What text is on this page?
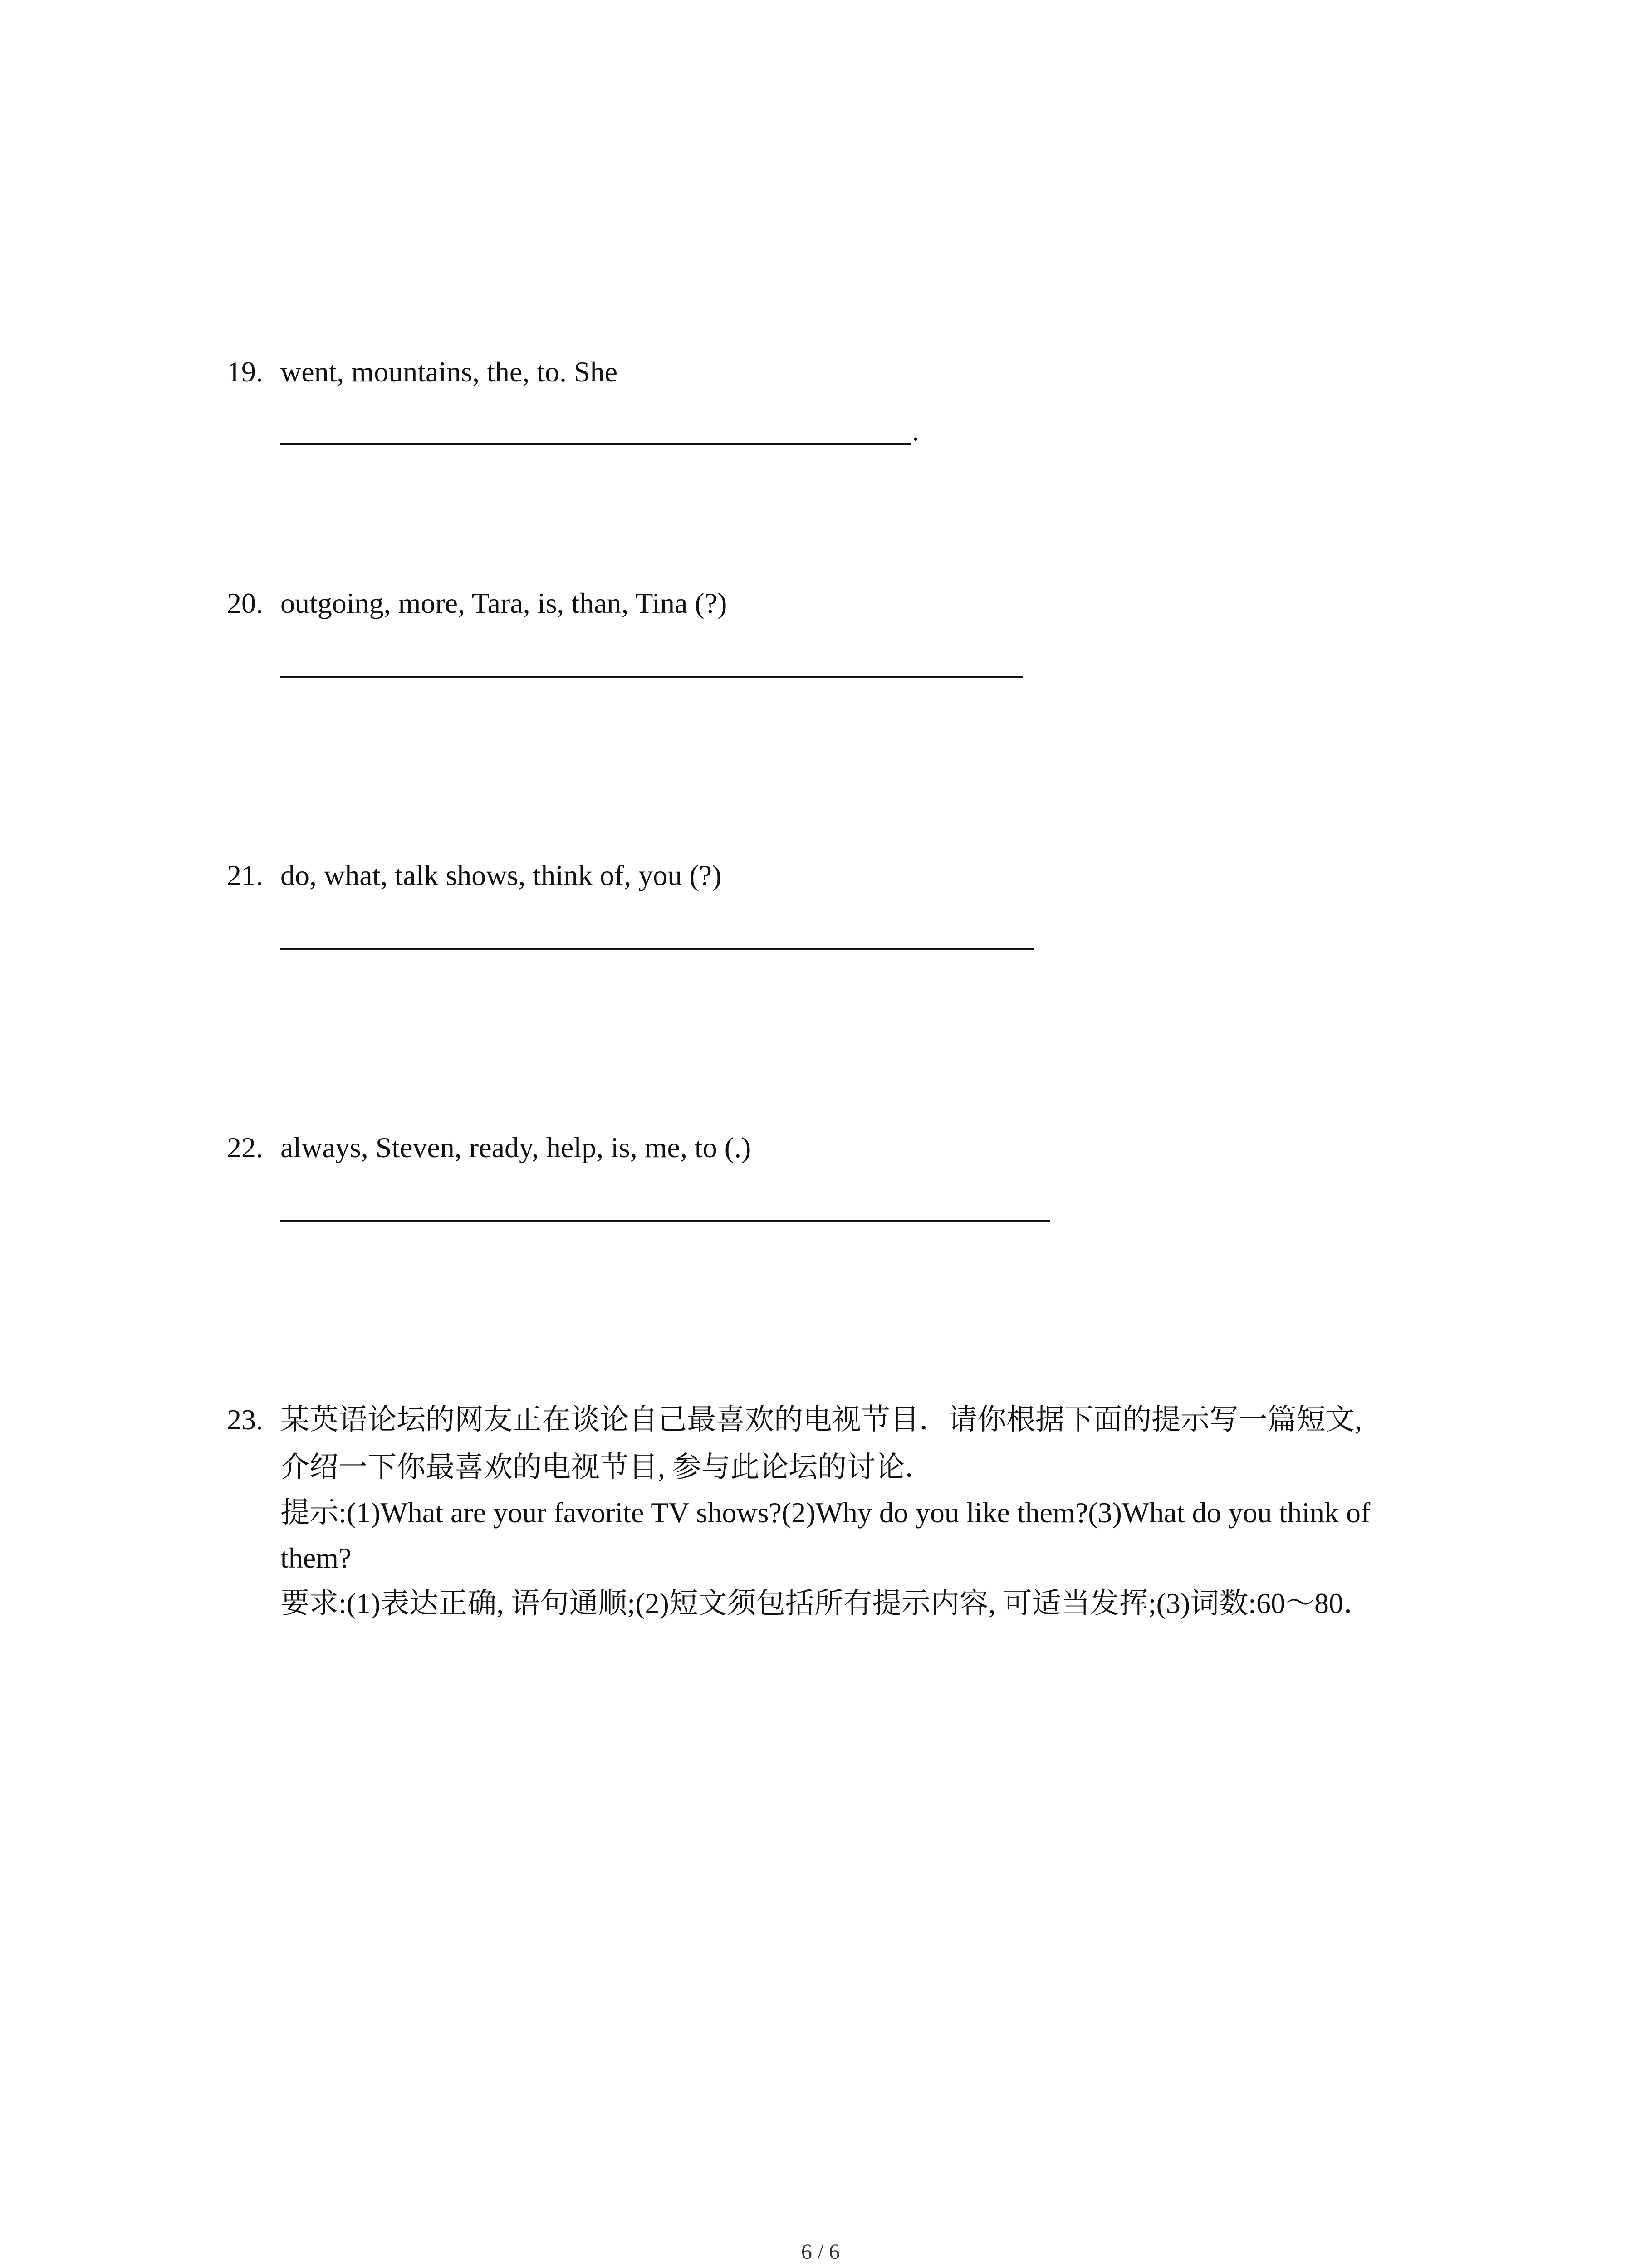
19. went, mountains, the, to. She
.
20. outgoing, more, Tara, is, than, Tina (?)
21. do, what, talk shows, think of, you (?)
22. always, Steven, ready, help, is, me, to (.)
23. 某英语论坛的网友正在谈论自己最喜欢的电视节目．请你根据下面的提示写一篇短文,

介绍一下你最喜欢的电视节目, 参与此论坛的讨论．

提示:(1)What are your favorite TV shows?(2)Why do you like them?(3)What do you think of them?

要求:(1)表达正确, 语句通顺;(2)短文须包括所有提示内容, 可适当发挥;(3)词数:60～80．

6 / 6
